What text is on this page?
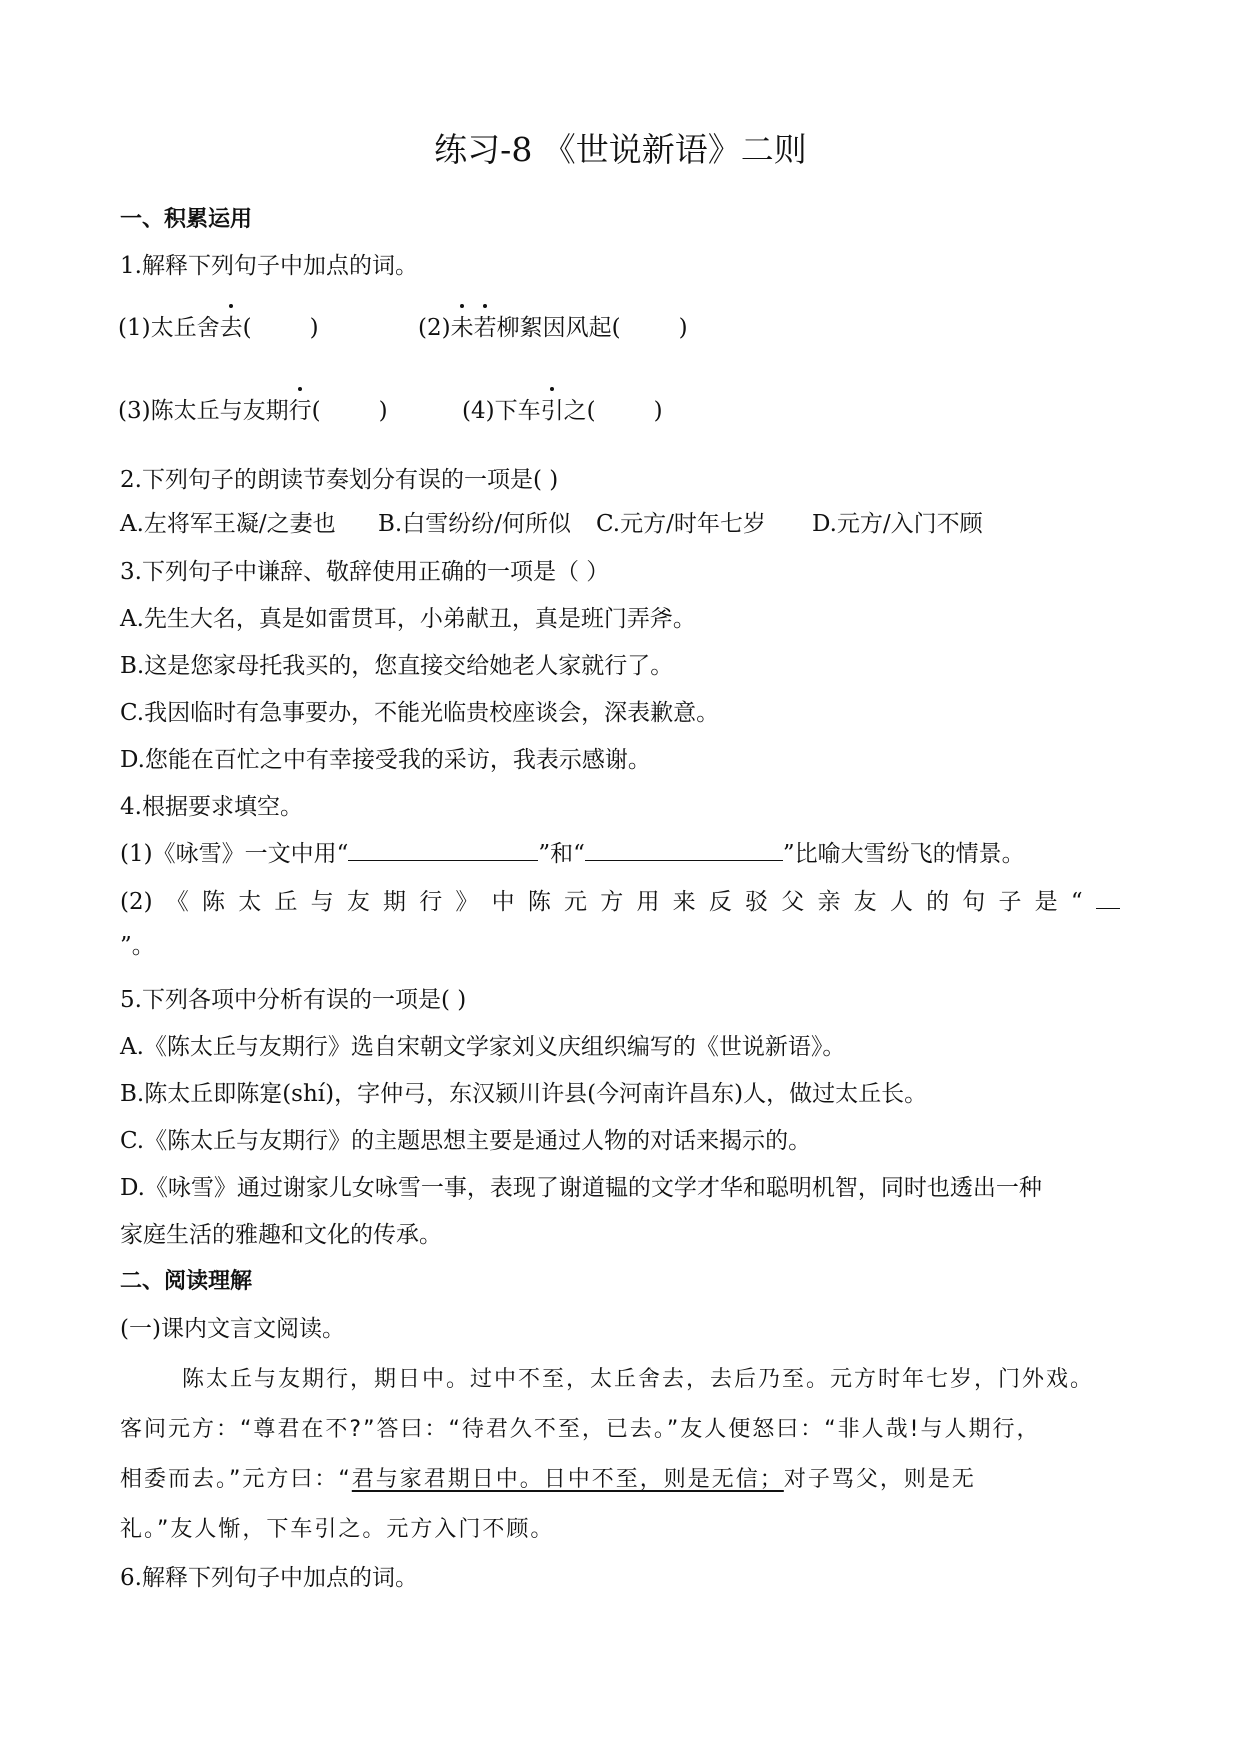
练习-8 《世说新语》二则
一、积累运用
1.解释下列句子中加点的词。
(1)太丘舍去(	)	(2)未若柳絮因风起(	)
(3)陈太丘与友期行(	)	(4)下车引之(	)
2.下列句子的朗读节奏划分有误的一项是( )
A.左将军王凝/之妻也 B.白雪纷纷/何所似 C.元方/时年七岁 D.元方/入门不顾
3.下列句子中谦辞、敬辞使用正确的一项是（ ）
A.先生大名，真是如雷贯耳，小弟献丑，真是班门弄斧。
B.这是您家母托我买的，您直接交给她老人家就行了。
C.我因临时有急事要办，不能光临贵校座谈会，深表歉意。
D.您能在百忙之中有幸接受我的采访，我表示感谢。
4.根据要求填空。
(1)《咏雪》一文中用“	”和“	”比喻大雪纷飞的情景。
(2) 《 陈 太 丘 与 友 期 行 》 中 陈 元 方 用 来 反 驳 父 亲 友 人 的 句 子 是 “
”。
5.下列各项中分析有误的一项是( )
A.《陈太丘与友期行》选自宋朝文学家刘义庆组织编写的《世说新语》。
B.陈太丘即陈寔(shí)，字仲弓，东汉颍川许县(今河南许昌东)人，做过太丘长。
C.《陈太丘与友期行》的主题思想主要是通过人物的对话来揭示的。
D.《咏雪》通过谢家儿女咏雪一事，表现了谢道韫的文学才华和聪明机智，同时也透出一种
家庭生活的雅趣和文化的传承。
二、阅读理解
(一)课内文言文阅读。
陈太丘与友期行，期日中。过中不至，太丘舍去，去后乃至。元方时年七岁，门外戏。
客问元方：“尊君在不?”答曰：“待君久不至，已去。”友人便怒曰：“非人哉!与人期行，
相委而去。”元方曰：“君与家君期日中。日中不至，则是无信；对子骂父，则是无
礼。”友人惭，下车引之。元方入门不顾。
6.解释下列句子中加点的词。
